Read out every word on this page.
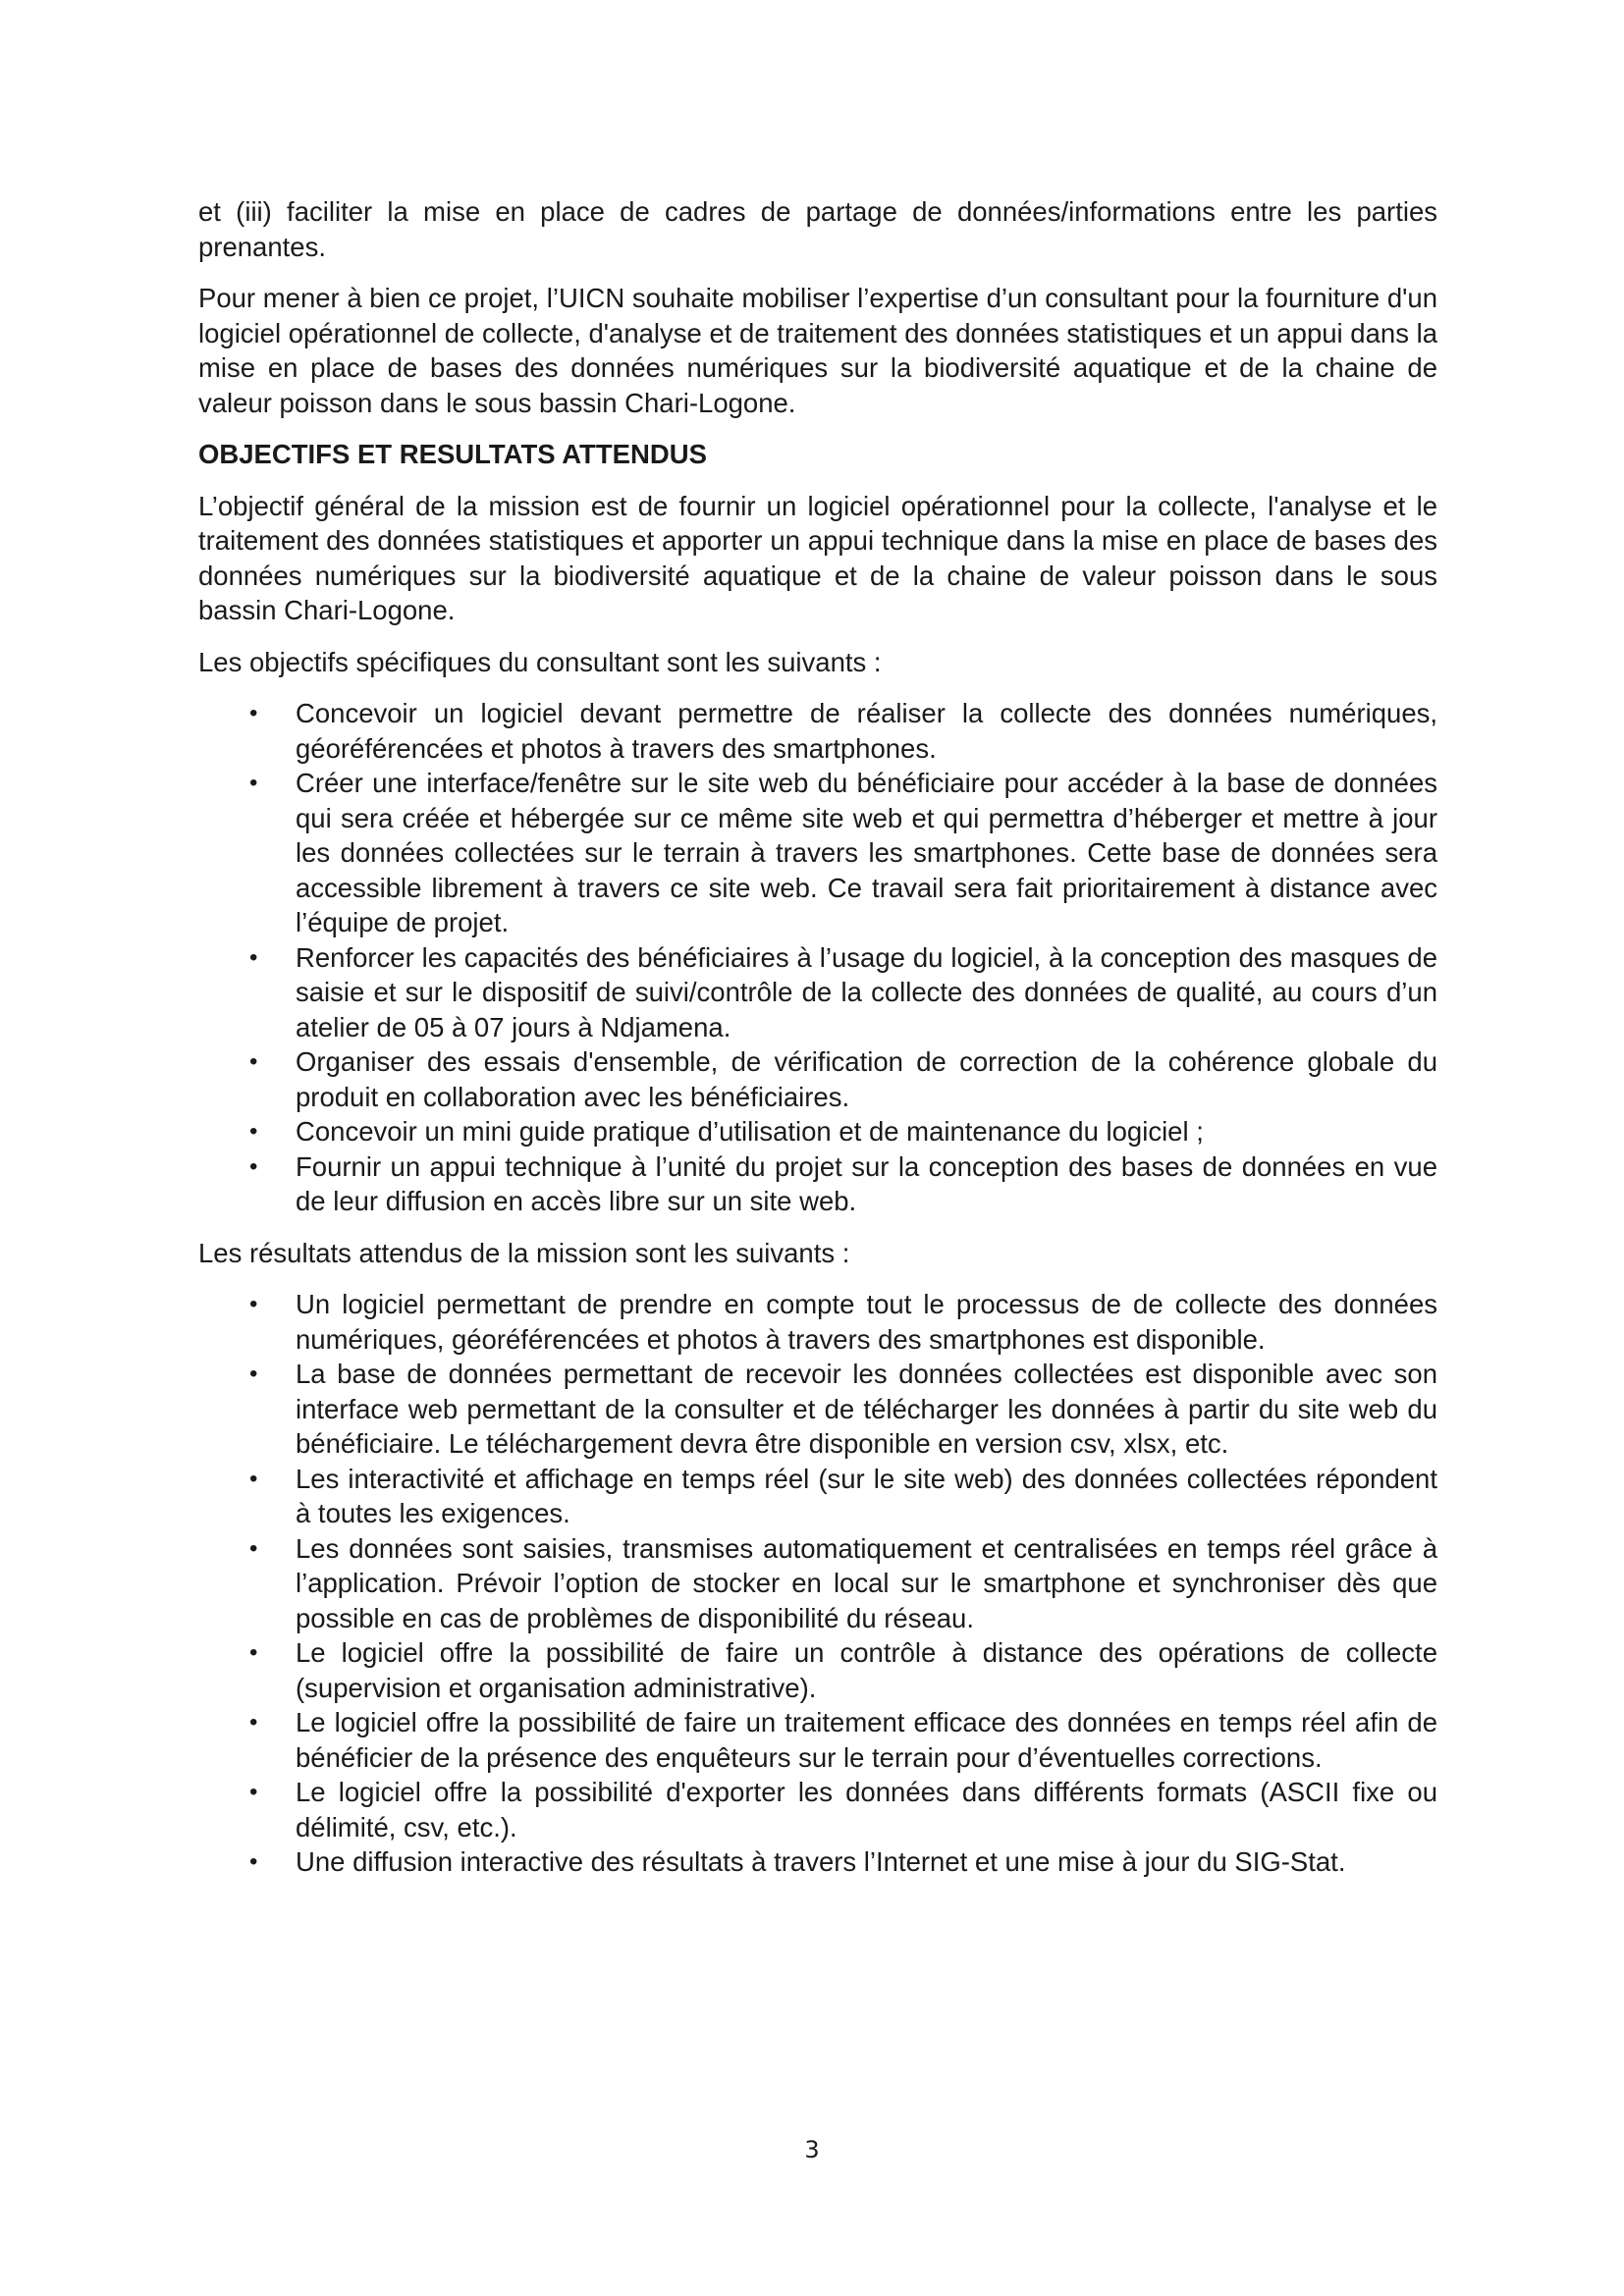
et (iii) faciliter la mise en place de cadres de partage de données/informations entre les parties prenantes.

Pour mener à bien ce projet, l’UICN souhaite mobiliser l’expertise d’un consultant pour la fourniture d'un logiciel opérationnel de collecte, d'analyse et de traitement des données statistiques et un appui dans la mise en place de bases des données numériques sur la biodiversité aquatique et de la chaine de valeur poisson dans le sous bassin Chari-Logone.

OBJECTIFS ET RESULTATS ATTENDUS

L’objectif général de la mission est de fournir un logiciel opérationnel pour la collecte, l'analyse et le traitement des données statistiques et apporter un appui technique dans la mise en place de bases des données numériques sur la biodiversité aquatique et de la chaine de valeur poisson dans le sous bassin Chari-Logone.

Les objectifs spécifiques du consultant sont les suivants :

• Concevoir un logiciel devant permettre de réaliser la collecte des données numériques, géoréférencées et photos à travers des smartphones.
• Créer une interface/fenêtre sur le site web du bénéficiaire pour accéder à la base de données qui sera créée et hébergée sur ce même site web et qui permettra d’héberger et mettre à jour les données collectées sur le terrain à travers les smartphones. Cette base de données sera accessible librement à travers ce site web. Ce travail sera fait prioritairement à distance avec l’équipe de projet.
• Renforcer les capacités des bénéficiaires à l’usage du logiciel, à la conception des masques de saisie et sur le dispositif de suivi/contrôle de la collecte des données de qualité, au cours d’un atelier de 05 à 07 jours à Ndjamena.
• Organiser des essais d'ensemble, de vérification de correction de la cohérence globale du produit en collaboration avec les bénéficiaires.
• Concevoir un mini guide pratique d’utilisation et de maintenance du logiciel ;
• Fournir un appui technique à l’unité du projet sur la conception des bases de données en vue de leur diffusion en accès libre sur un site web.

Les résultats attendus de la mission sont les suivants :

• Un logiciel permettant de prendre en compte tout le processus de de collecte des données numériques, géoréférencées et photos à travers des smartphones est disponible.
• La base de données permettant de recevoir les données collectées est disponible avec son interface web permettant de la consulter et de télécharger les données à partir du site web du bénéficiaire. Le téléchargement devra être disponible en version csv, xlsx, etc.
• Les interactivité et affichage en temps réel (sur le site web) des données collectées répondent à toutes les exigences.
• Les données sont saisies, transmises automatiquement et centralisées en temps réel grâce à l’application. Prévoir l’option de stocker en local sur le smartphone et synchroniser dès que possible en cas de problèmes de disponibilité du réseau.
• Le logiciel offre la possibilité de faire un contrôle à distance des opérations de collecte (supervision et organisation administrative).
• Le logiciel offre la possibilité de faire un traitement efficace des données en temps réel afin de bénéficier de la présence des enquêteurs sur le terrain pour d’éventuelles corrections.
• Le logiciel offre la possibilité d'exporter les données dans différents formats (ASCII fixe ou délimité, csv, etc.).
• Une diffusion interactive des résultats à travers l’Internet et une mise à jour du SIG-Stat.
3
